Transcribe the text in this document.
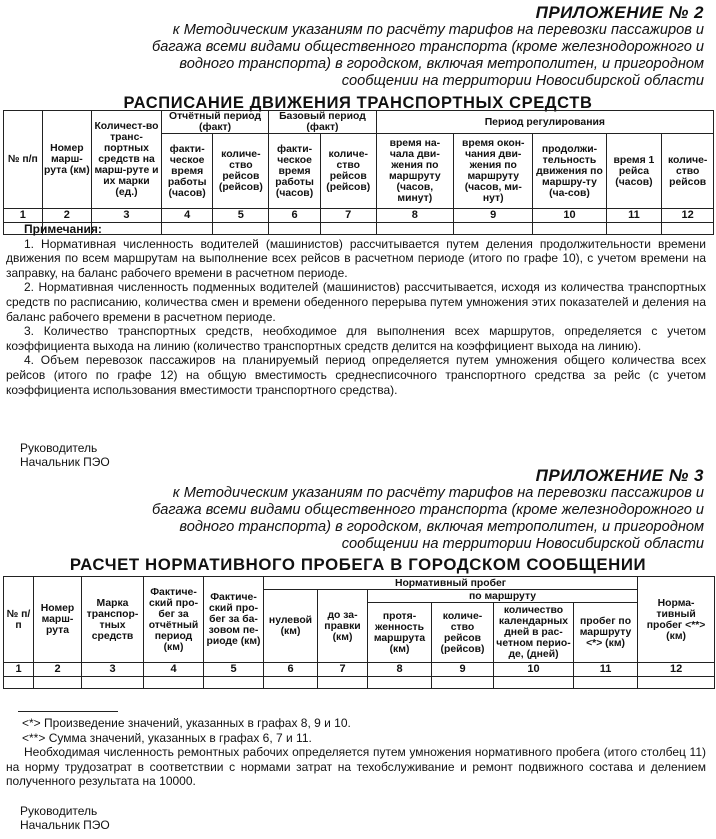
ПРИЛОЖЕНИЕ № 2
к Методическим указаниям по расчёту тарифов на перевозки пассажиров и
багажа всеми видами общественного транспорта (кроме железнодорожного и
водного транспорта) в городском, включая метрополитен, и пригородном
сообщении на территории Новосибирской области
РАСПИСАНИЕ ДВИЖЕНИЯ ТРАНСПОРТНЫХ СРЕДСТВ
№ п/п	Номер марш-рута (км)	Количест-во транс-портных средств на марш-руте и их марки (ед.)	Отчётный период (факт)		Базовый период (факт)		Период регулирования				
			факти-ческое время работы (часов)	количе-ство рейсов (рейсов)	факти-ческое время работы (часов)	количе-ство рейсов (рейсов)	время на-чала дви-жения по маршруту (часов, минут)	время окон-чания дви-жения по маршруту (часов, ми-нут)	продолжи-тельность движения по маршру-ту (ча-сов)	время 1 рейса (часов)	количе-ство рейсов
1	2	3	4	5	6	7	8	9	10	11	12

Примечания:

1. Нормативная численность водителей (машинистов) рассчитывается путем деления продолжительности времени движения по всем маршрутам на выполнение всех рейсов в расчетном периоде (итого по графе 10), с учетом времени на заправку, на баланс рабочего времени в расчетном периоде.

2. Нормативная численность подменных водителей (машинистов) рассчитывается, исходя из количества транспортных средств по расписанию, количества смен и времени обеденного перерыва путем умножения этих показателей и деления на баланс рабочего времени в расчетном периоде.

3. Количество транспортных средств, необходимое для выполнения всех маршрутов, определяется с учетом коэффициента выхода на линию (количество транспортных средств делится на коэффициент выхода на линию).

4. Объем перевозок пассажиров на планируемый период определяется путем умножения общего количества всех рейсов (итого по графе 12) на общую вместимость среднесписочного транспортного средства за рейс (с учетом коэффициента использования вместимости транспортного средства).

Руководитель
Начальник ПЭО
ПРИЛОЖЕНИЕ № 3
к Методическим указаниям по расчёту тарифов на перевозки пассажиров и
багажа всеми видами общественного транспорта (кроме железнодорожного и
водного транспорта) в городском, включая метрополитен, и пригородном
сообщении на территории Новосибирской области
РАСЧЕТ НОРМАТИВНОГО ПРОБЕГА В ГОРОДСКОМ СООБЩЕНИИ
№ п/п	Номер марш-рута	Марка транспор-тных средств	Фактиче-ский про-бег за отчётный период (км)	Фактиче-ский про-бег за ба-зовом пе-риоде (км)	Нормативный пробег						Норма-тивный пробег <**> (км)
					нулевой (км)	до за-правки (км)	по маршруту				
							протя-женность маршрута (км)	количе-ство рейсов (рейсов)	количество календарных дней в рас-четном перио-де, (дней)	пробег по маршруту <*> (км)	
1	2	3	4	5	6	7	8	9	10	11	12

<*> Произведение значений, указанных в графах 8, 9 и 10.
<**> Сумма значений, указанных в графах 6, 7 и 11.

Необходимая численность ремонтных рабочих определяется путем умножения нормативного пробега (итого столбец 11) на норму трудозатрат в соответствии с нормами затрат на техобслуживание и ремонт подвижного состава и делением полученного результата на 10000.

Руководитель
Начальник ПЭО
